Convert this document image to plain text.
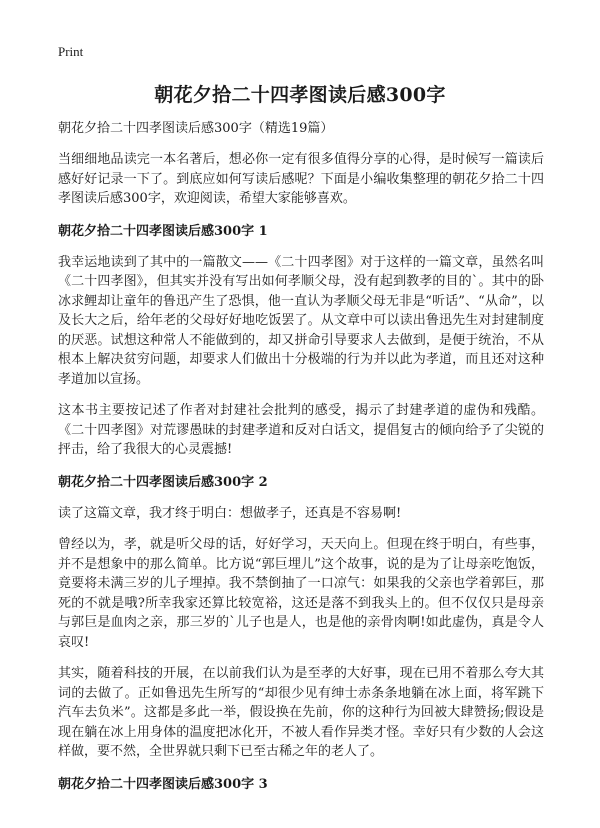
Print
朝花夕拾二十四孝图读后感300字

朝花夕拾二十四孝图读后感300字（精选19篇）

当细细地品读完一本名著后，想必你一定有很多值得分享的心得，是时候写一篇读后感好好记录一下了。到底应如何写读后感呢？下面是小编收集整理的朝花夕拾二十四孝图读后感300字，欢迎阅读，希望大家能够喜欢。

朝花夕拾二十四孝图读后感300字 1

我幸运地读到了其中的一篇散文——《二十四孝图》对于这样的一篇文章，虽然名叫《二十四孝图》，但其实并没有写出如何孝顺父母，没有起到教孝的目的`。其中的卧冰求鲤却让童年的鲁迅产生了恐惧，他一直认为孝顺父母无非是“听话”、“从命”，以及长大之后，给年老的父母好好地吃饭罢了。从文章中可以读出鲁迅先生对封建制度的厌恶。试想这种常人不能做到的，却又拼命引导要求人去做到，是便于统治，不从根本上解决贫穷问题，却要求人们做出十分极端的行为并以此为孝道，而且还对这种孝道加以宣扬。

这本书主要按记述了作者对封建社会批判的感受，揭示了封建孝道的虚伪和残酷。《二十四孝图》对荒谬愚昧的封建孝道和反对白话文，提倡复古的倾向给予了尖锐的抨击，给了我很大的心灵震撼!

朝花夕拾二十四孝图读后感300字 2

读了这篇文章，我才终于明白：想做孝子，还真是不容易啊!

曾经以为，孝，就是听父母的话，好好学习，天天向上。但现在终于明白，有些事，并不是想象中的那么简单。比方说“郭巨埋儿”这个故事，说的是为了让母亲吃饱饭，竟要将未满三岁的儿子埋掉。我不禁倒抽了一口凉气：如果我的父亲也学着郭巨，那死的不就是哦?所幸我家还算比较宽裕，这还是落不到我头上的。但不仅仅只是母亲与郭巨是血肉之亲，那三岁的`儿子也是人，也是他的亲骨肉啊!如此虚伪，真是令人哀叹!

其实，随着科技的开展，在以前我们认为是至孝的大好事，现在已用不着那么夸大其词的去做了。正如鲁迅先生所写的“却很少见有绅士赤条条地躺在冰上面，将军跳下汽车去负米”。这都是多此一举，假设换在先前，你的这种行为回被大肆赞扬;假设是现在躺在冰上用身体的温度把冰化开，不被人看作异类才怪。幸好只有少数的人会这样做，要不然，全世界就只剩下已至古稀之年的老人了。

朝花夕拾二十四孝图读后感300字 3
